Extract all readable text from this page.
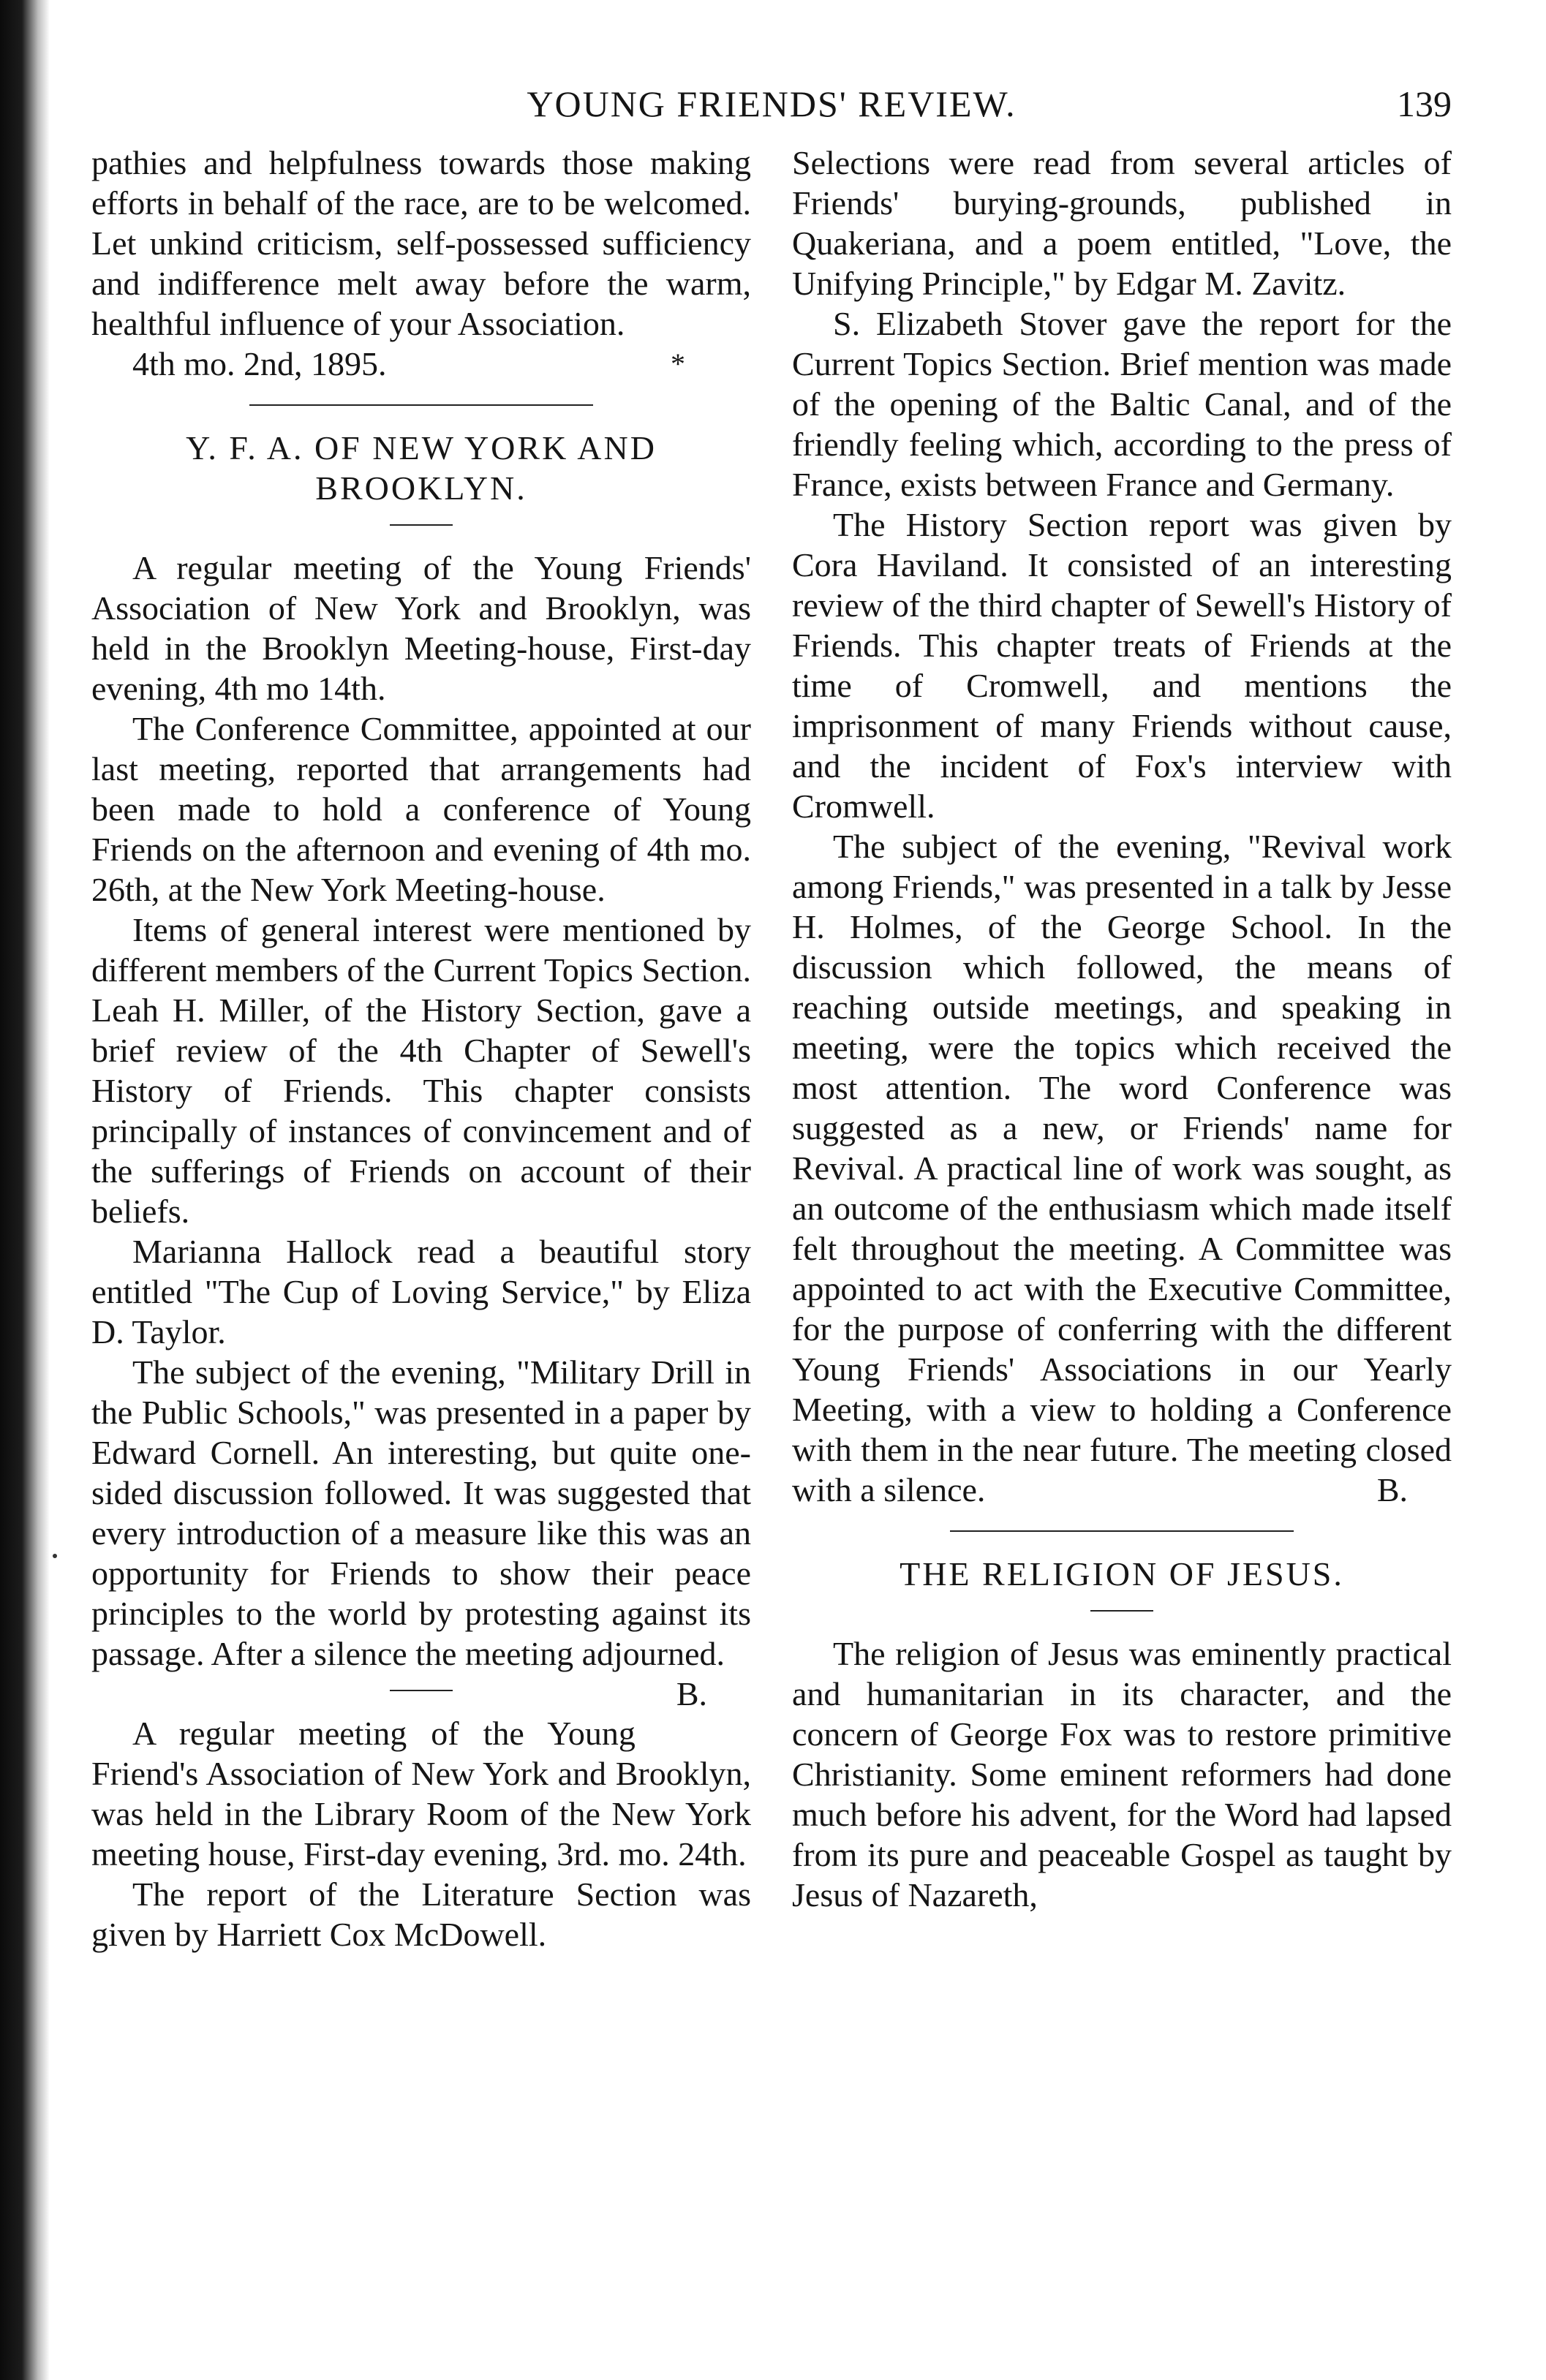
YOUNG FRIENDS' REVIEW.	139

pathies and helpfulness towards those making efforts in behalf of the race, are to be welcomed. Let unkind criticism, self-possessed sufficiency and indifference melt away before the warm, healthful influence of your Association.

4th mo. 2nd, 1895.	*
Y. F. A. OF NEW YORK AND
BROOKLYN.

A regular meeting of the Young Friends' Association of New York and Brooklyn, was held in the Brooklyn Meeting-house, First-day evening, 4th mo 14th.

The Conference Committee, appointed at our last meeting, reported that arrangements had been made to hold a conference of Young Friends on the afternoon and evening of 4th mo. 26th, at the New York Meeting-house.

Items of general interest were mentioned by different members of the Current Topics Section. Leah H. Miller, of the History Section, gave a brief review of the 4th Chapter of Sewell's History of Friends. This chapter consists principally of instances of convincement and of the sufferings of Friends on account of their beliefs.

Marianna Hallock read a beautiful story entitled "The Cup of Loving Service," by Eliza D. Taylor.

The subject of the evening, "Military Drill in the Public Schools," was presented in a paper by Edward Cornell. An interesting, but quite one-sided discussion followed. It was suggested that every introduction of a measure like this was an opportunity for Friends to show their peace principles to the world by protesting against its passage. After a silence the meeting adjourned.
B.

A regular meeting of the Young Friend's Association of New York and Brooklyn, was held in the Library Room of the New York meeting house, First-day evening, 3rd. mo. 24th.

The report of the Literature Section was given by Harriett Cox McDowell.

Selections were read from several articles of Friends' burying-grounds, published in Quakeriana, and a poem entitled, "Love, the Unifying Principle," by Edgar M. Zavitz.

S. Elizabeth Stover gave the report for the Current Topics Section. Brief mention was made of the opening of the Baltic Canal, and of the friendly feeling which, according to the press of France, exists between France and Germany.

The History Section report was given by Cora Haviland. It consisted of an interesting review of the third chapter of Sewell's History of Friends. This chapter treats of Friends at the time of Cromwell, and mentions the imprisonment of many Friends without cause, and the incident of Fox's interview with Cromwell.

The subject of the evening, "Revival work among Friends," was presented in a talk by Jesse H. Holmes, of the George School. In the discussion which followed, the means of reaching outside meetings, and speaking in meeting, were the topics which received the most attention. The word Conference was suggested as a new, or Friends' name for Revival. A practical line of work was sought, as an outcome of the enthusiasm which made itself felt throughout the meeting. A Committee was appointed to act with the Executive Committee, for the purpose of conferring with the different Young Friends' Associations in our Yearly Meeting, with a view to holding a Conference with them in the near future. The meeting closed with a silence.	B.

THE RELIGION OF JESUS.

The religion of Jesus was eminently practical and humanitarian in its character, and the concern of George Fox was to restore primitive Christianity. Some eminent reformers had done much before his advent, for the Word had lapsed from its pure and peaceable Gospel as taught by Jesus of Nazareth,
